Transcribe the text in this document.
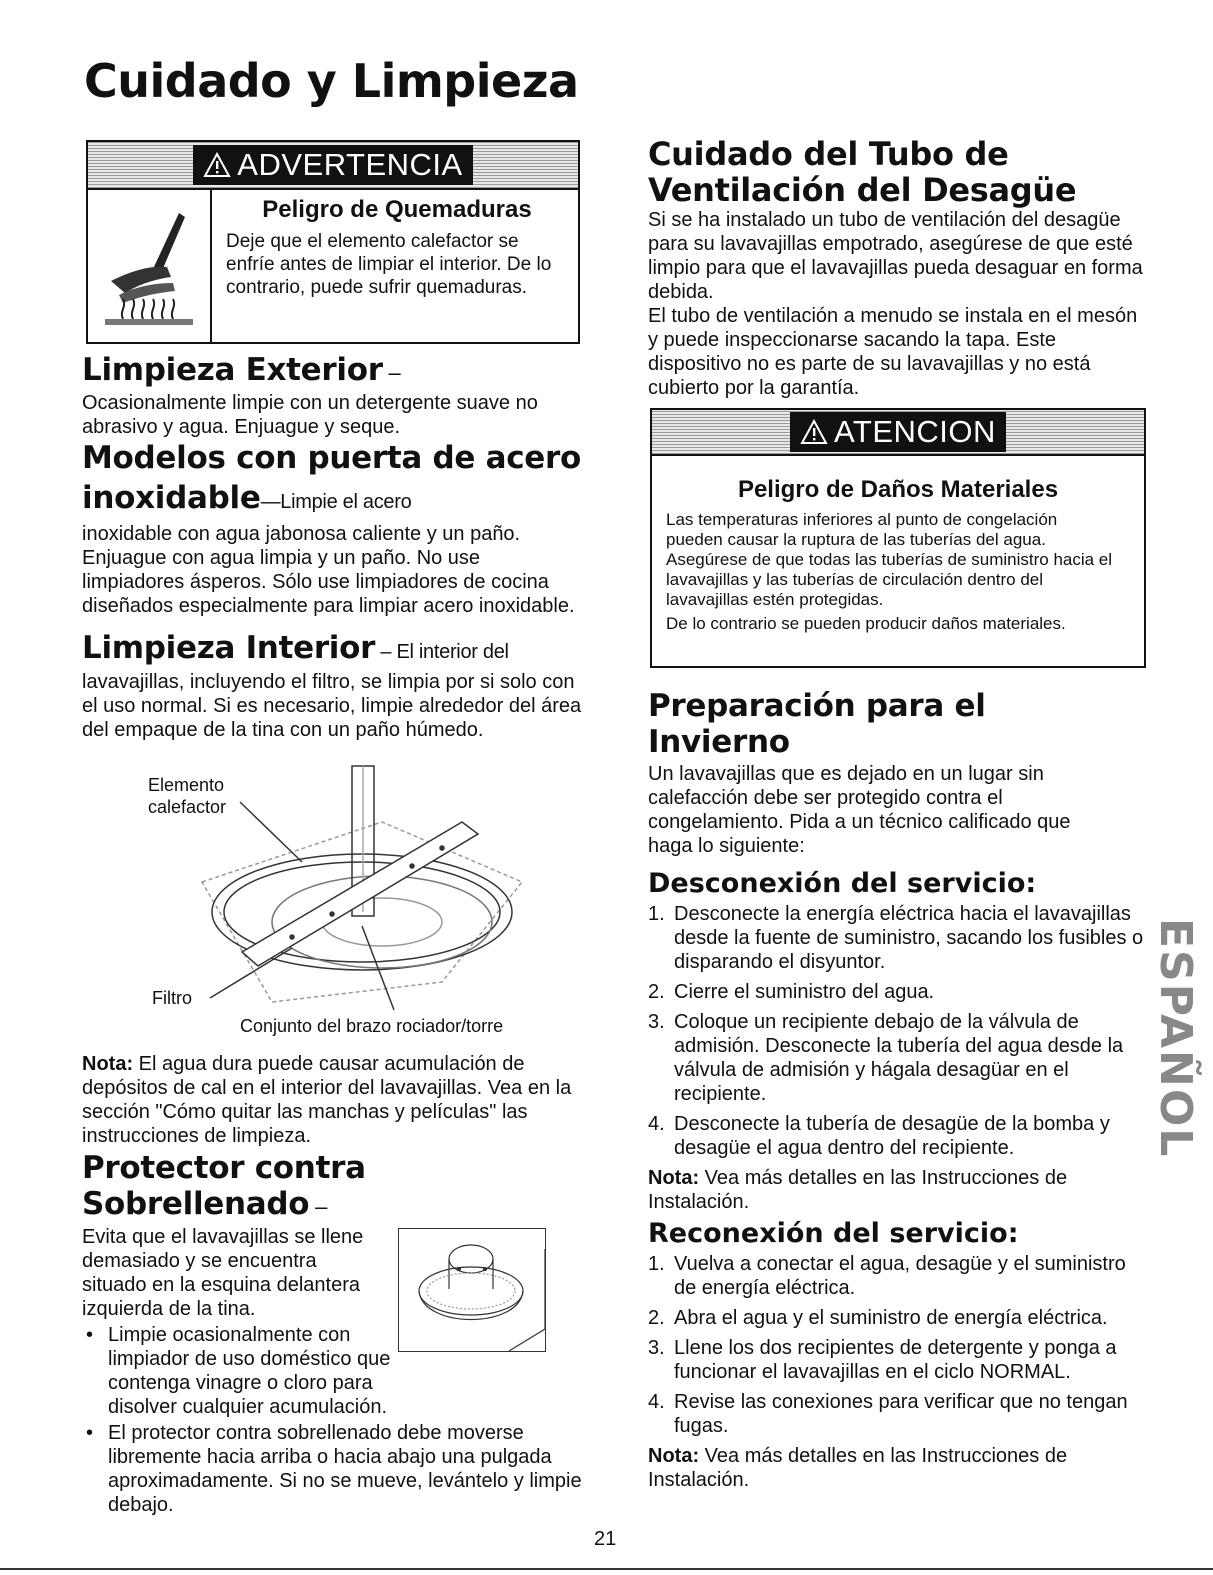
Cuidado y Limpieza
ADVERTENCIA

Peligro de Quemaduras

Deje que el elemento calefactor se enfríe antes de limpiar el interior. De lo contrario, puede sufrir quemaduras.

Limpieza Exterior –

Ocasionalmente limpie con un detergente suave no abrasivo y agua. Enjuague y seque.

Modelos con puerta de acero inoxidable—Limpie el acero

inoxidable con agua jabonosa caliente y un paño. Enjuague con agua limpia y un paño. No use limpiadores ásperos. Sólo use limpiadores de cocina diseñados especialmente para limpiar acero inoxidable.

Limpieza Interior – El interior del

lavavajillas, incluyendo el filtro, se limpia por si solo con el uso normal. Si es necesario, limpie alrededor del área del empaque de la tina con un paño húmedo.

Elemento
calefactor
Filtro
Conjunto del brazo rociador/torre

Nota: El agua dura puede causar acumulación de depósitos de cal en el interior del lavavajillas. Vea en la sección "Cómo quitar las manchas y películas" las instrucciones de limpieza.

Protector contra Sobrellenado –

Evita que el lavavajillas se llene demasiado y se encuentra situado en la esquina delantera izquierda de la tina.

• Limpie ocasionalmente con limpiador de uso doméstico que contenga vinagre o cloro para disolver cualquier acumulación.
• El protector contra sobrellenado debe moverse libremente hacia arriba o hacia abajo una pulgada aproximadamente. Si no se mueve, levántelo y limpie debajo.
Cuidado del Tubo de Ventilación del Desagüe

Si se ha instalado un tubo de ventilación del desagüe para su lavavajillas empotrado, asegúrese de que esté limpio para que el lavavajillas pueda desaguar en forma debida.

El tubo de ventilación a menudo se instala en el mesón y puede inspeccionarse sacando la tapa. Este dispositivo no es parte de su lavavajillas y no está cubierto por la garantía.

ATENCION

Peligro de Daños Materiales

Las temperaturas inferiores al punto de congelación pueden causar la ruptura de las tuberías del agua. Asegúrese de que todas las tuberías de suministro hacia el lavavajillas y las tuberías de circulación dentro del lavavajillas estén protegidas.

De lo contrario se pueden producir daños materiales.

Preparación para el Invierno

Un lavavajillas que es dejado en un lugar sin calefacción debe ser protegido contra el congelamiento. Pida a un técnico calificado que haga lo siguiente:

Desconexión del servicio:
1. Desconecte la energía eléctrica hacia el lavavajillas desde la fuente de suministro, sacando los fusibles o disparando el disyuntor.
2. Cierre el suministro del agua.
3. Coloque un recipiente debajo de la válvula de admisión. Desconecte la tubería del agua desde la válvula de admisión y hágala desagüar en el recipiente.
4. Desconecte la tubería de desagüe de la bomba y desagüe el agua dentro del recipiente.

Nota: Vea más detalles en las Instrucciones de Instalación.

Reconexión del servicio:
1. Vuelva a conectar el agua, desagüe y el suministro de energía eléctrica.
2. Abra el agua y el suministro de energía eléctrica.
3. Llene los dos recipientes de detergente y ponga a funcionar el lavavajillas en el ciclo NORMAL.
4. Revise las conexiones para verificar que no tengan fugas.

Nota: Vea más detalles en las Instrucciones de Instalación.

ESPAÑOL
21
